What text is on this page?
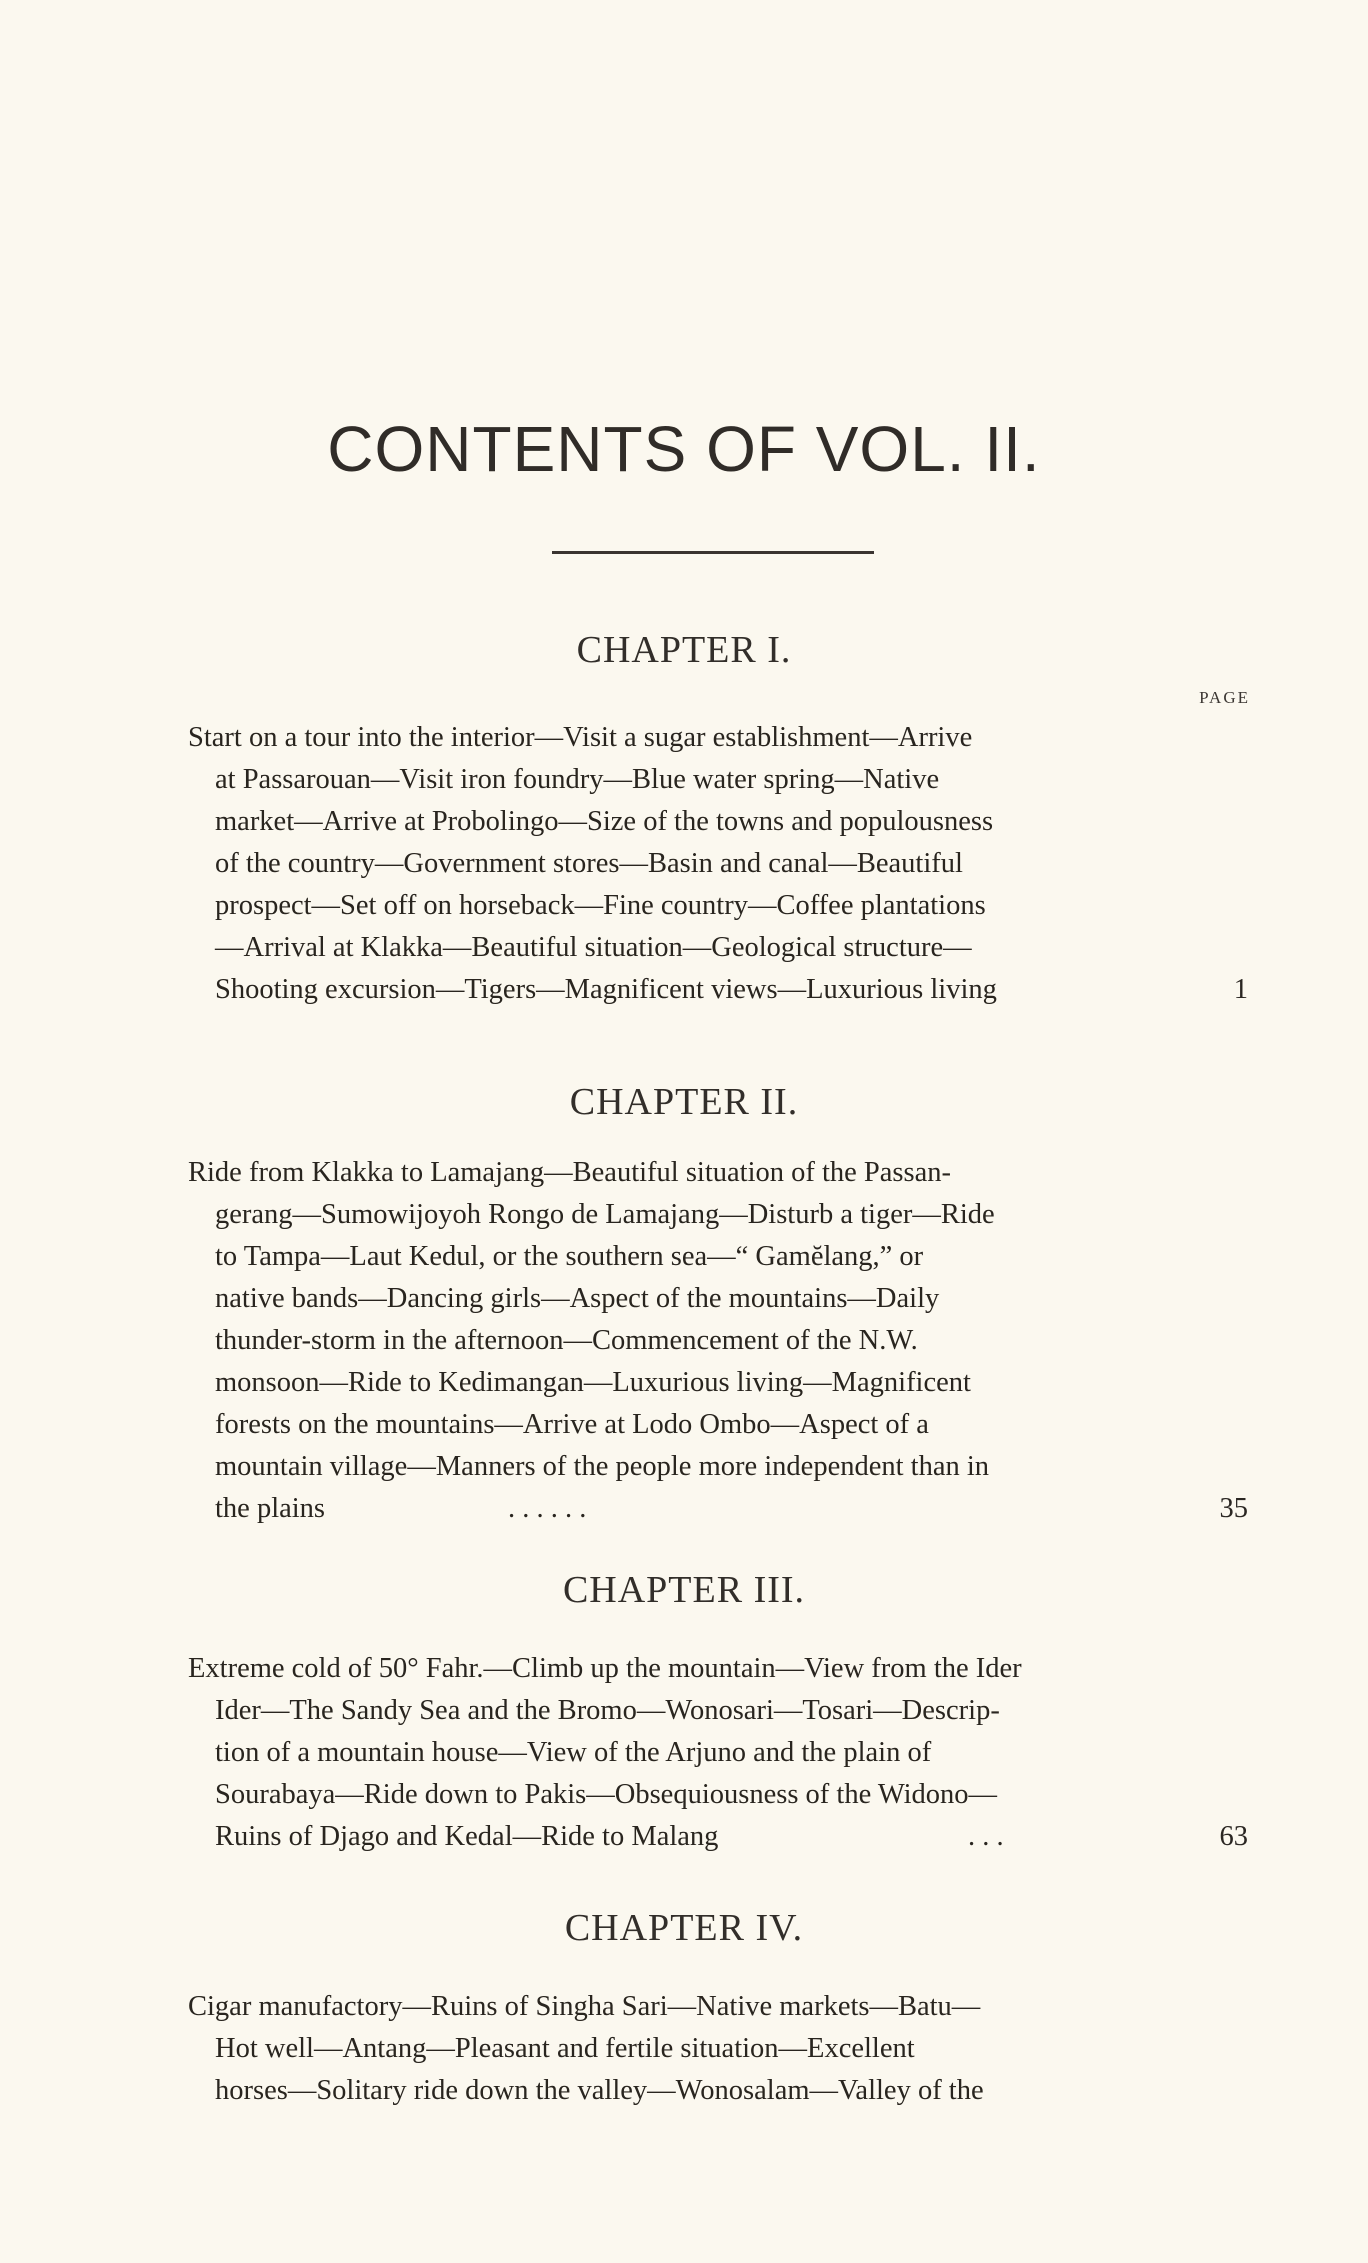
CONTENTS OF VOL. II.
CHAPTER I.
PAGE
Start on a tour into the interior—Visit a sugar establishment—Arrive
at Passarouan—Visit iron foundry—Blue water spring—Native
market—Arrive at Probolingo—Size of the towns and populousness
of the country—Government stores—Basin and canal—Beautiful
prospect—Set off on horseback—Fine country—Coffee plantations
—Arrival at Klakka—Beautiful situation—Geological structure—
Shooting excursion—Tigers—Magnificent views—Luxurious living	1
CHAPTER II.
Ride from Klakka to Lamajang—Beautiful situation of the Passan-
gerang—Sumowijoyoh Rongo de Lamajang—Disturb a tiger—Ride
to Tampa—Laut Kedul, or the southern sea—“ Gamĕlang,” or
native bands—Dancing girls—Aspect of the mountains—Daily
thunder-storm in the afternoon—Commencement of the N.W.
monsoon—Ride to Kedimangan—Luxurious living—Magnificent
forests on the mountains—Arrive at Lodo Ombo—Aspect of a
mountain village—Manners of the people more independent than in
the plains	. . . . . .	35
CHAPTER III.
Extreme cold of 50° Fahr.—Climb up the mountain—View from the Ider
Ider—The Sandy Sea and the Bromo—Wonosari—Tosari—Descrip-
tion of a mountain house—View of the Arjuno and the plain of
Sourabaya—Ride down to Pakis—Obsequiousness of the Widono—
Ruins of Djago and Kedal—Ride to Malang	. . .	63
CHAPTER IV.
Cigar manufactory—Ruins of Singha Sari—Native markets—Batu—
Hot well—Antang—Pleasant and fertile situation—Excellent
horses—Solitary ride down the valley—Wonosalam—Valley of the
